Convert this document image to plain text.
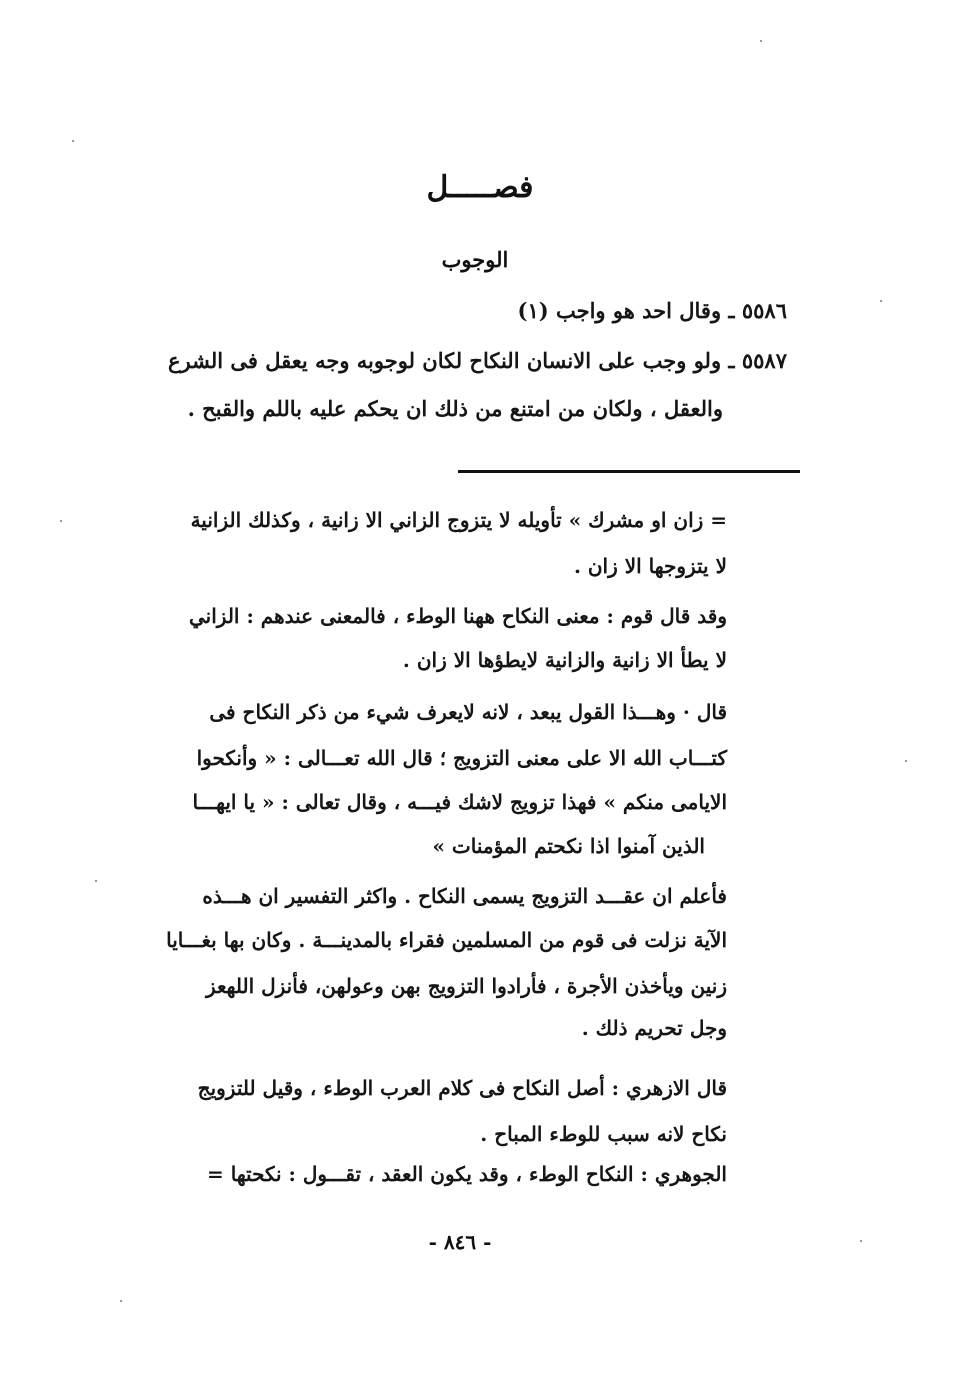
فصـــــل
الوجوب
٥٥٨٦ ـ وقال احد هو واجب (١)
٥٥٨٧ ـ ولو وجب على الانسان النكاح لكان لوجوبه وجه يعقل فى الشرع
والعقل ، ولكان من امتنع من ذلك ان يحكم عليه باللم والقبح .
= زان او مشرك » تأويله لا يتزوج الزاني الا زانية ، وكذلك الزانية
لا يتزوجها الا زان .
وقد قال قوم : معنى النكاح ههنا الوطء ، فالمعنى عندهم : الزاني
لا يطأ الا زانية والزانية لايطؤها الا زان .
قال · وهـــذا القول يبعد ، لانه لايعرف شيء من ذكر النكاح فى
كتـــاب الله الا على معنى التزويج ؛ قال الله تعـــالى : « وأنكحوا
الايامى منكم » فهذا تزويج لاشك فيـــه ، وقال تعالى : « يا ايهـــا
الذين آمنوا اذا نكحتم المؤمنات »
فأعلم ان عقـــد التزويج يسمى النكاح . واكثر التفسير ان هـــذه
الآية نزلت فى قوم من المسلمين فقراء بالمدينـــة . وكان بها بغـــايا
زنين ويأخذن الأجرة ، فأرادوا التزويج بهن وعولهن، فأنزل اللهعز
وجل تحريم ذلك .
قال الازهري : أصل النكاح فى كلام العرب الوطء ، وقيل للتزويج
نكاح لانه سبب للوطء المباح .
الجوهري : النكاح الوطء ، وقد يكون العقد ، تقـــول : نكحتها =
- ٨٤٦ -
